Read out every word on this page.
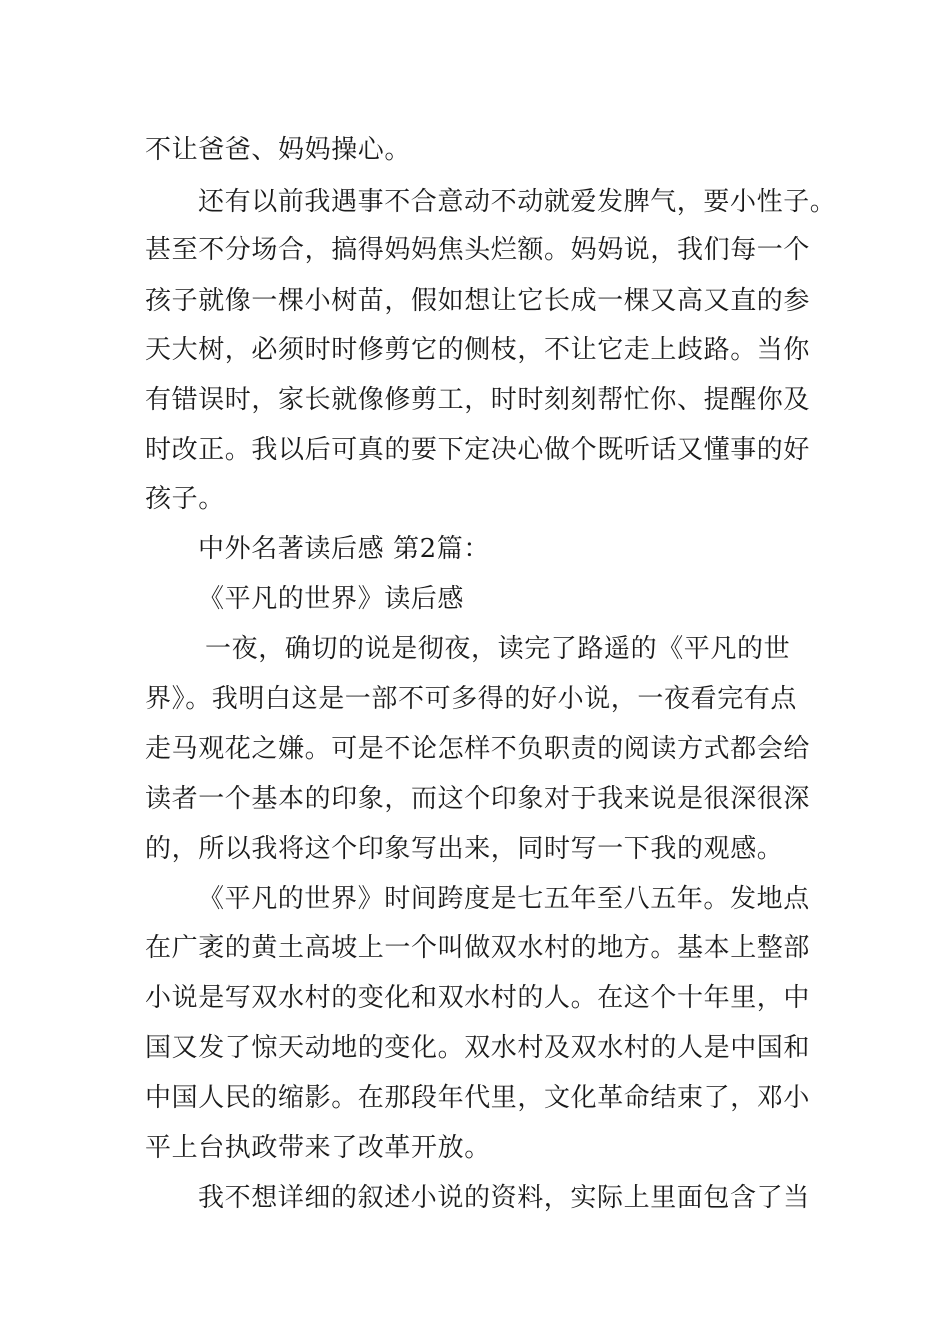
不让爸爸、妈妈操心。
还有以前我遇事不合意动不动就爱发脾气，要小性子。
甚至不分场合，搞得妈妈焦头烂额。妈妈说，我们每一个
孩子就像一棵小树苗，假如想让它长成一棵又高又直的参
天大树，必须时时修剪它的侧枝，不让它走上歧路。当你
有错误时，家长就像修剪工，时时刻刻帮忙你、提醒你及
时改正。我以后可真的要下定决心做个既听话又懂事的好
孩子。
中外名著读后感 第2篇：
《平凡的世界》读后感
一夜，确切的说是彻夜，读完了路遥的《平凡的世
界》。我明白这是一部不可多得的好小说，一夜看完有点
走马观花之嫌。可是不论怎样不负职责的阅读方式都会给
读者一个基本的印象，而这个印象对于我来说是很深很深
的，所以我将这个印象写出来，同时写一下我的观感。
《平凡的世界》时间跨度是七五年至八五年。发地点
在广袤的黄土高坡上一个叫做双水村的地方。基本上整部
小说是写双水村的变化和双水村的人。在这个十年里，中
国又发了惊天动地的变化。双水村及双水村的人是中国和
中国人民的缩影。在那段年代里，文化革命结束了，邓小
平上台执政带来了改革开放。
我不想详细的叙述小说的资料，实际上里面包含了当
